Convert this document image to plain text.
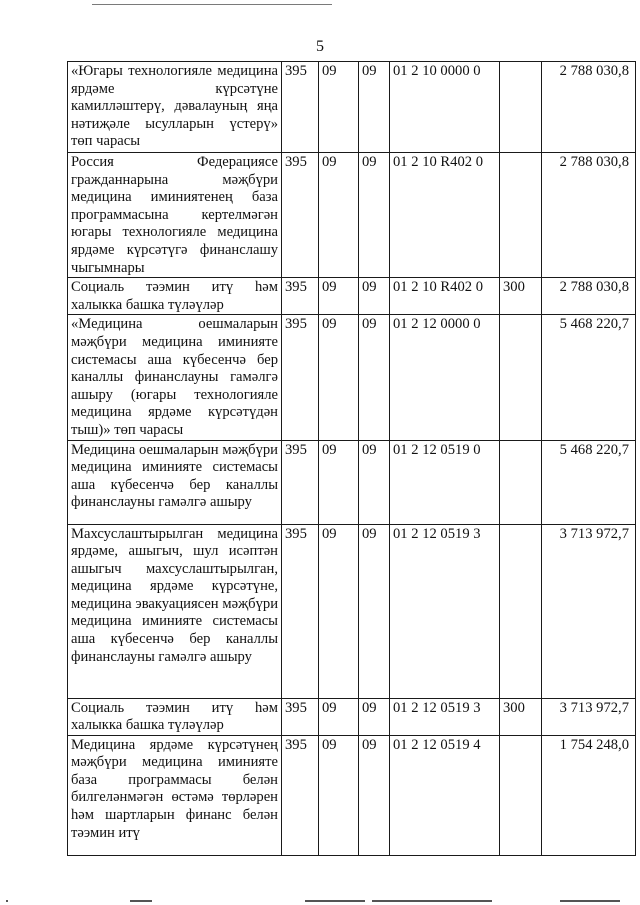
5
«Югары технологияле медицина ярдәме күрсәтүне камилләштерү, дәвалауның яңа нәтиҗәле ысулларын үстерү» төп чарасы	395	09	09	01 2 10 0000 0		2 788 030,8
Россия Федерациясе гражданнарына мәҗбүри медицина иминиятенең база программасына кертелмәгән югары технологияле медицина ярдәме күрсәтүгә финанслашу чыгымнары	395	09	09	01 2 10 R402 0		2 788 030,8
Социаль тәэмин итү һәм халыкка башка түләүләр	395	09	09	01 2 10 R402 0	300	2 788 030,8
«Медицина оешмаларын мәҗбүри медицина иминияте системасы аша күбесенчә бер каналлы финанслауны гамәлгә ашыру (югары технологияле медицина ярдәме күрсәтүдән тыш)» төп чарасы	395	09	09	01 2 12 0000 0		5 468 220,7
Медицина оешмаларын мәҗбүри медицина иминияте системасы аша күбесенчә бер каналлы финанслауны гамәлгә ашыру	395	09	09	01 2 12 0519 0		5 468 220,7
Махсуслаштырылган медицина ярдәме, ашыгыч, шул исәптән ашыгыч махсуслаштырылган, медицина ярдәме күрсәтүне, медицина эвакуациясен мәҗбүри медицина иминияте системасы аша күбесенчә бер каналлы финанслауны гамәлгә ашыру	395	09	09	01 2 12 0519 3		3 713 972,7
Социаль тәэмин итү һәм халыкка башка түләүләр	395	09	09	01 2 12 0519 3	300	3 713 972,7
Медицина ярдәме күрсәтүнең мәҗбүри медицина иминияте база программасы белән билгеләнмәгән өстәмә төрләрен һәм шартларын финанс белән тәэмин итү	395	09	09	01 2 12 0519 4		1 754 248,0
